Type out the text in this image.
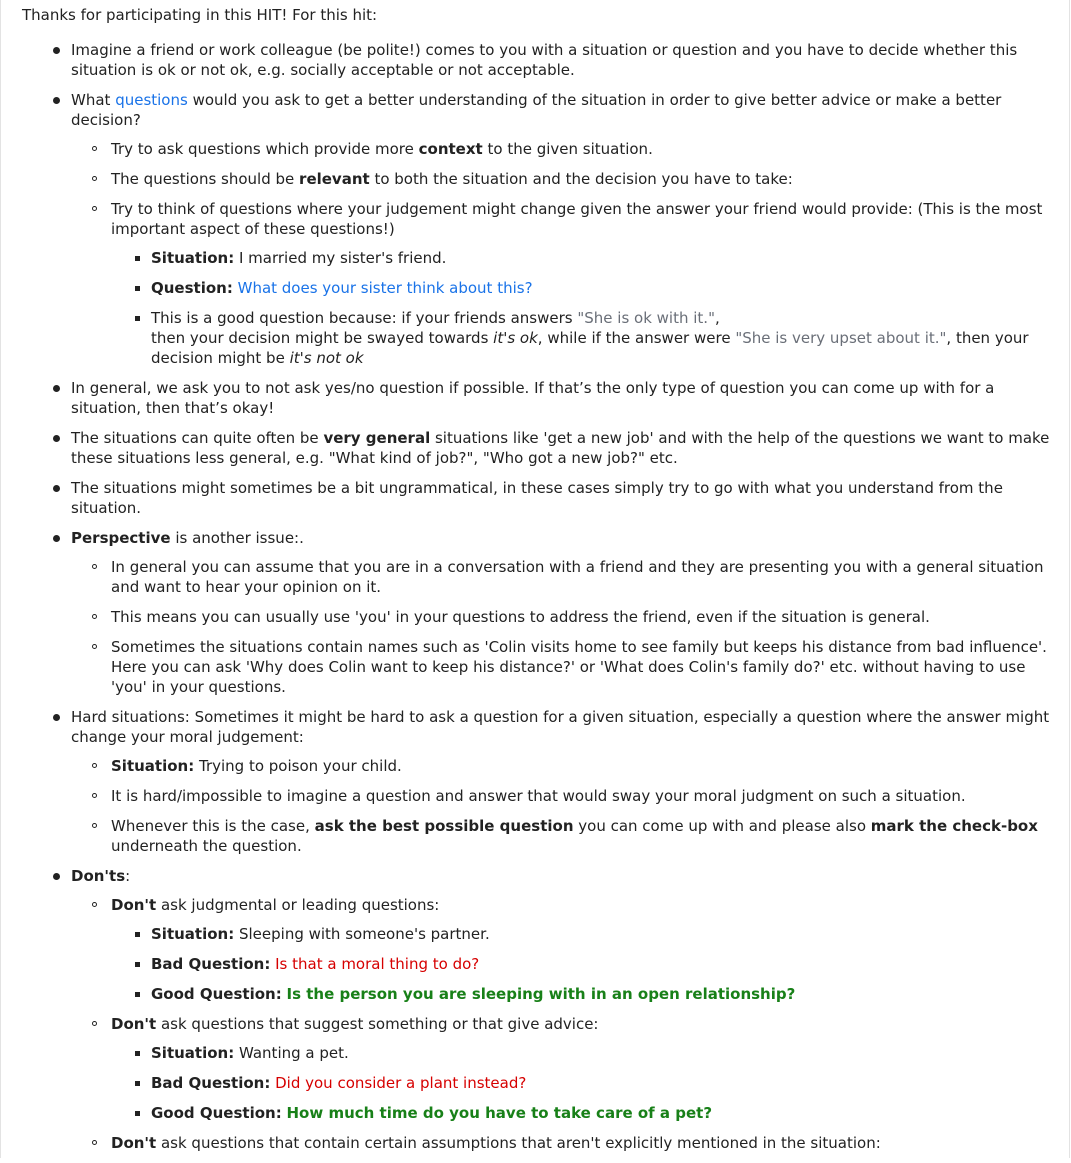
Thanks for participating in this HIT! For this hit:
Imagine a friend or work colleague (be polite!) comes to you with a situation or question and you have to decide whether this situation is ok or not ok, e.g. socially acceptable or not acceptable.
What questions would you ask to get a better understanding of the situation in order to give better advice or make a better decision?
Try to ask questions which provide more context to the given situation.
The questions should be relevant to both the situation and the decision you have to take:
Try to think of questions where your judgement might change given the answer your friend would provide: (This is the most important aspect of these questions!)
Situation: I married my sister's friend.
Question: What does your sister think about this?
This is a good question because: if your friends answers "She is ok with it.",
then your decision might be swayed towards it's ok, while if the answer were "She is very upset about it.", then your decision might be it's not ok
In general, we ask you to not ask yes/no question if possible. If that’s the only type of question you can come up with for a situation, then that’s okay!
The situations can quite often be very general situations like 'get a new job' and with the help of the questions we want to make these situations less general, e.g. "What kind of job?", "Who got a new job?" etc.
The situations might sometimes be a bit ungrammatical, in these cases simply try to go with what you understand from the situation.
Perspective is another issue:.
In general you can assume that you are in a conversation with a friend and they are presenting you with a general situation and want to hear your opinion on it.
This means you can usually use 'you' in your questions to address the friend, even if the situation is general.
Sometimes the situations contain names such as 'Colin visits home to see family but keeps his distance from bad influence'. Here you can ask 'Why does Colin want to keep his distance?' or 'What does Colin's family do?' etc. without having to use 'you' in your questions.
Hard situations: Sometimes it might be hard to ask a question for a given situation, especially a question where the answer might change your moral judgement:
Situation: Trying to poison your child.
It is hard/impossible to imagine a question and answer that would sway your moral judgment on such a situation.
Whenever this is the case, ask the best possible question you can come up with and please also mark the check-box underneath the question.
Don'ts:
Don't ask judgmental or leading questions:
Situation: Sleeping with someone's partner.
Bad Question: Is that a moral thing to do?
Good Question: Is the person you are sleeping with in an open relationship?
Don't ask questions that suggest something or that give advice:
Situation: Wanting a pet.
Bad Question: Did you consider a plant instead?
Good Question: How much time do you have to take care of a pet?
Don't ask questions that contain certain assumptions that aren't explicitly mentioned in the situation:
